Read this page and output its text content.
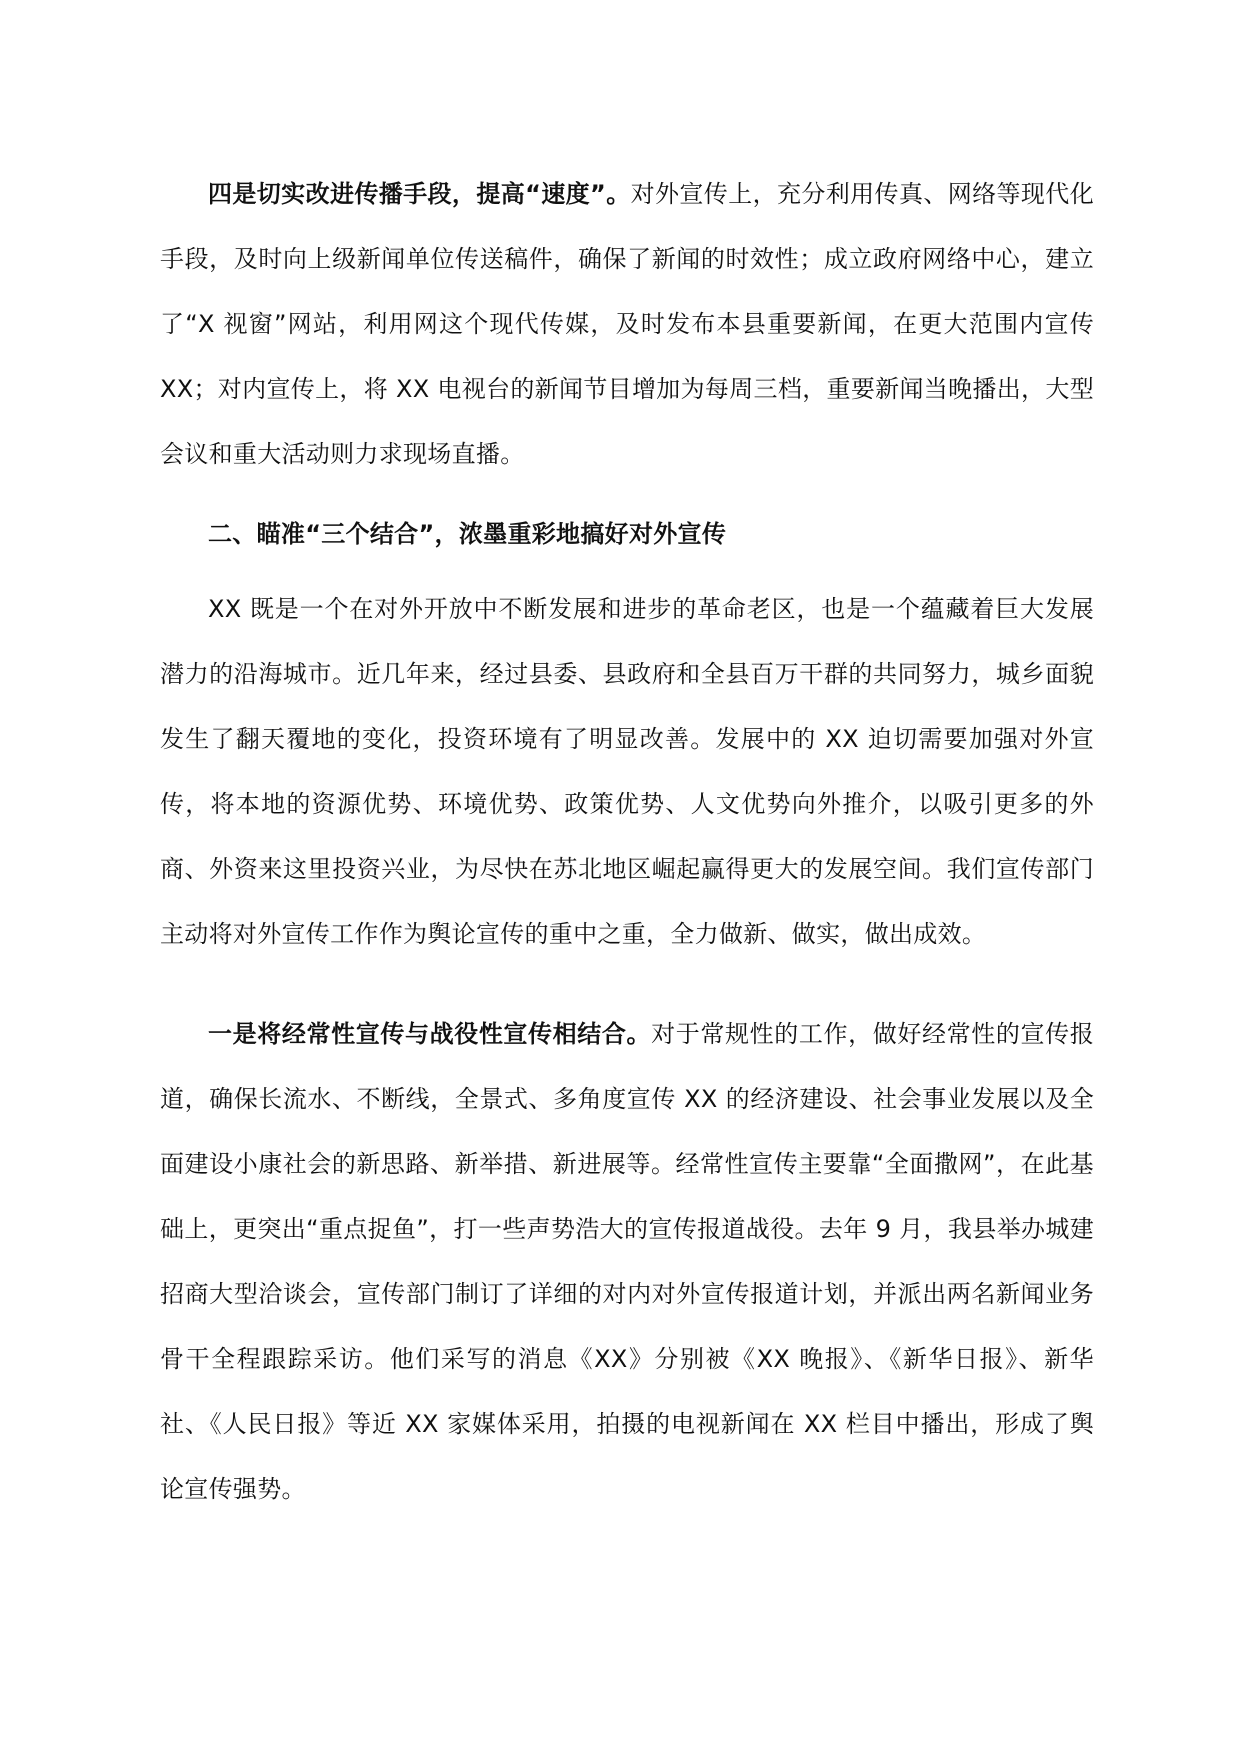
四是切实改进传播手段，提高“速度”。对外宣传上，充分利用传真、网络等现代化手段，及时向上级新闻单位传送稿件，确保了新闻的时效性；成立政府网络中心，建立了“X 视窗”网站，利用网这个现代传媒，及时发布本县重要新闻，在更大范围内宣传 XX；对内宣传上，将 XX 电视台的新闻节目增加为每周三档，重要新闻当晚播出，大型会议和重大活动则力求现场直播。

二、瞄准“三个结合”，浓墨重彩地搞好对外宣传

XX 既是一个在对外开放中不断发展和进步的革命老区，也是一个蕴藏着巨大发展潜力的沿海城市。近几年来，经过县委、县政府和全县百万干群的共同努力，城乡面貌发生了翻天覆地的变化，投资环境有了明显改善。发展中的 XX 迫切需要加强对外宣传，将本地的资源优势、环境优势、政策优势、人文优势向外推介，以吸引更多的外商、外资来这里投资兴业，为尽快在苏北地区崛起赢得更大的发展空间。我们宣传部门主动将对外宣传工作作为舆论宣传的重中之重，全力做新、做实，做出成效。

一是将经常性宣传与战役性宣传相结合。对于常规性的工作，做好经常性的宣传报道，确保长流水、不断线，全景式、多角度宣传 XX 的经济建设、社会事业发展以及全面建设小康社会的新思路、新举措、新进展等。经常性宣传主要靠“全面撒网”，在此基础上，更突出“重点捉鱼”，打一些声势浩大的宣传报道战役。去年 9 月，我县举办城建招商大型洽谈会，宣传部门制订了详细的对内对外宣传报道计划，并派出两名新闻业务骨干全程跟踪采访。他们采写的消息《XX》分别被《XX 晚报》、《新华日报》、新华社、《人民日报》等近 XX 家媒体采用，拍摄的电视新闻在 XX 栏目中播出，形成了舆论宣传强势。
